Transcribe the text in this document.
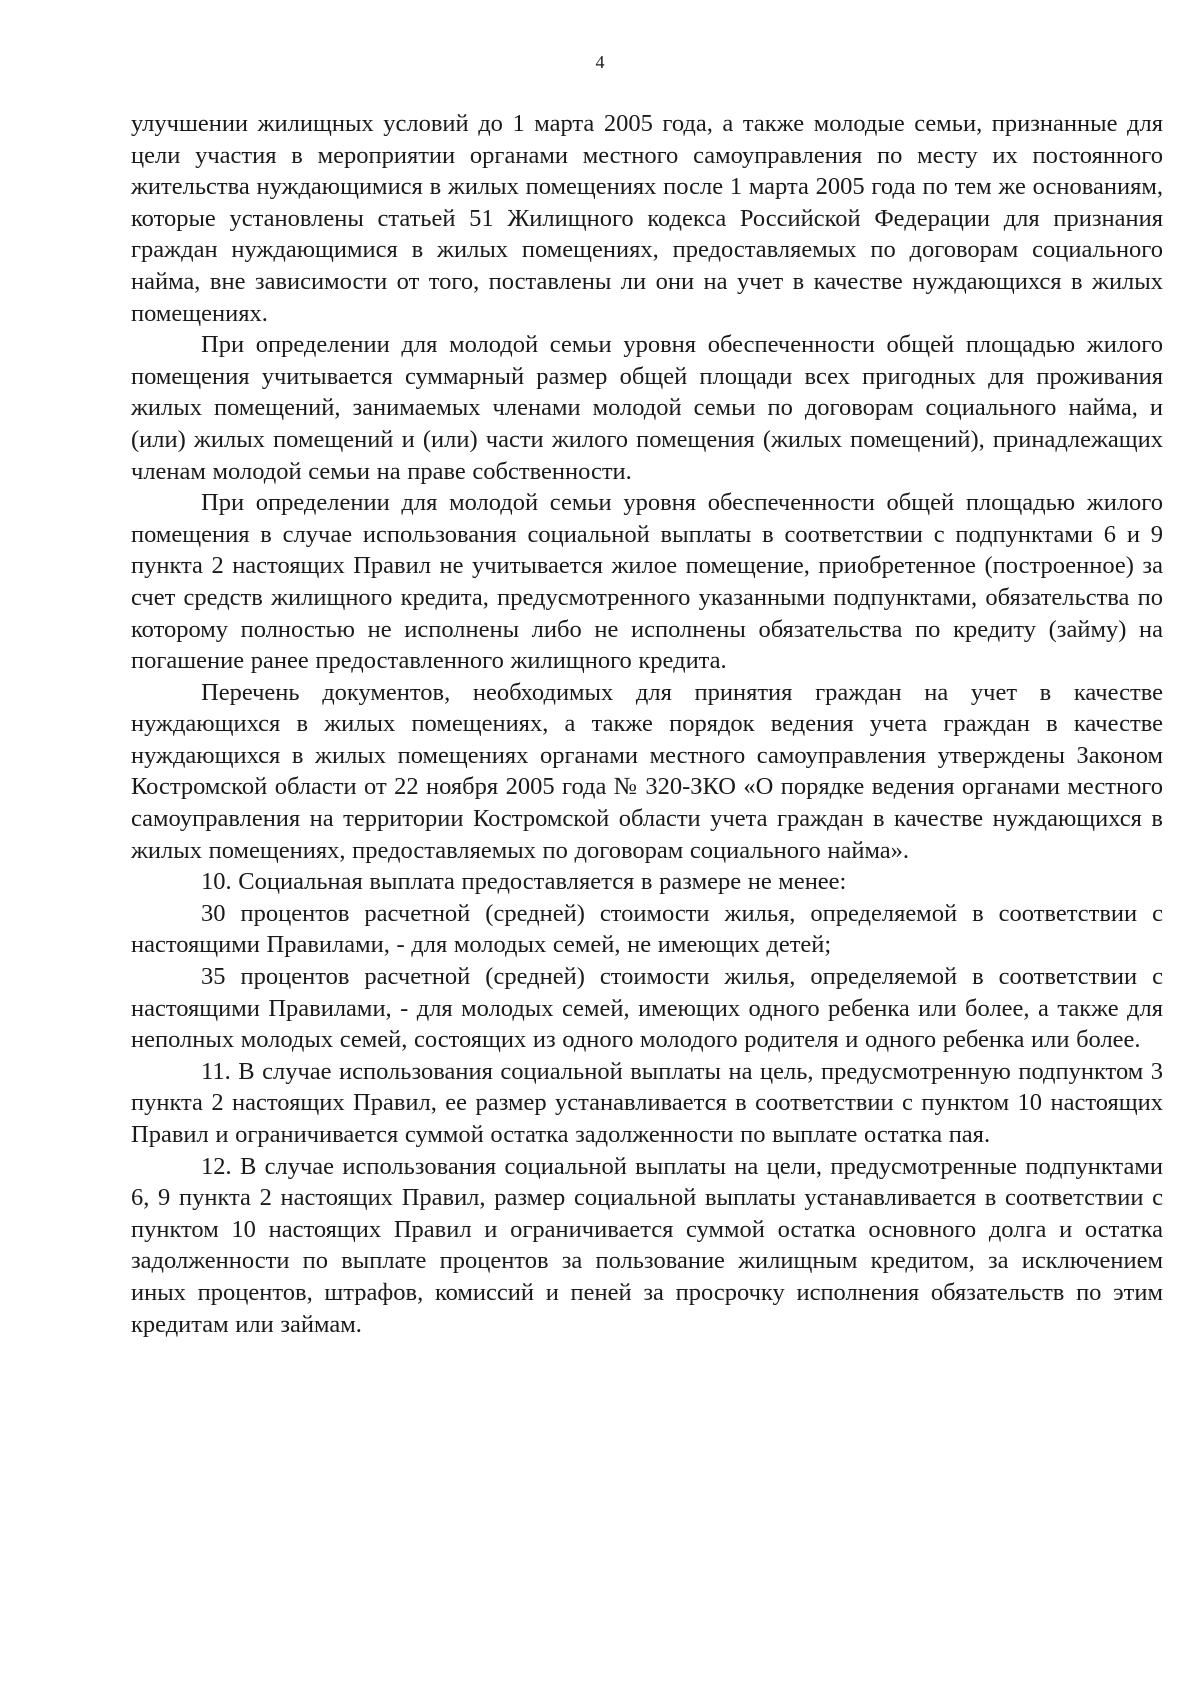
4

улучшении жилищных условий до 1 марта 2005 года, а также молодые семьи, признанные для цели участия в мероприятии органами местного самоуправления по месту их постоянного жительства нуждающимися в жилых помещениях после 1 марта 2005 года по тем же основаниям, которые установлены статьей 51 Жилищного кодекса Российской Федерации для признания граждан нуждающимися в жилых помещениях, предоставляемых по договорам социального найма, вне зависимости от того, поставлены ли они на учет в качестве нуждающихся в жилых помещениях.

При определении для молодой семьи уровня обеспеченности общей площадью жилого помещения учитывается суммарный размер общей площади всех пригодных для проживания жилых помещений, занимаемых членами молодой семьи по договорам социального найма, и (или) жилых помещений и (или) части жилого помещения (жилых помещений), принадлежащих членам молодой семьи на праве собственности.

При определении для молодой семьи уровня обеспеченности общей площадью жилого помещения в случае использования социальной выплаты в соответствии с подпунктами 6 и 9 пункта 2 настоящих Правил не учитывается жилое помещение, приобретенное (построенное) за счет средств жилищного кредита, предусмотренного указанными подпунктами, обязательства по которому полностью не исполнены либо не исполнены обязательства по кредиту (займу) на погашение ранее предоставленного жилищного кредита.

Перечень документов, необходимых для принятия граждан на учет в качестве нуждающихся в жилых помещениях, а также порядок ведения учета граждан в качестве нуждающихся в жилых помещениях органами местного самоуправления утверждены Законом Костромской области от 22 ноября 2005 года № 320-ЗКО «О порядке ведения органами местного самоуправления на территории Костромской области учета граждан в качестве нуждающихся в жилых помещениях, предоставляемых по договорам социального найма».

10. Социальная выплата предоставляется в размере не менее:

30 процентов расчетной (средней) стоимости жилья, определяемой в соответствии с настоящими Правилами, - для молодых семей, не имеющих детей;

35 процентов расчетной (средней) стоимости жилья, определяемой в соответствии с настоящими Правилами, - для молодых семей, имеющих одного ребенка или более, а также для неполных молодых семей, состоящих из одного молодого родителя и одного ребенка или более.

11. В случае использования социальной выплаты на цель, предусмотренную подпунктом 3 пункта 2 настоящих Правил, ее размер устанавливается в соответствии с пунктом 10 настоящих Правил и ограничивается суммой остатка задолженности по выплате остатка пая.

12. В случае использования социальной выплаты на цели, предусмотренные подпунктами 6, 9 пункта 2 настоящих Правил, размер социальной выплаты устанавливается в соответствии с пунктом 10 настоящих Правил и ограничивается суммой остатка основного долга и остатка задолженности по выплате процентов за пользование жилищным кредитом, за исключением иных процентов, штрафов, комиссий и пеней за просрочку исполнения обязательств по этим кредитам или займам.
